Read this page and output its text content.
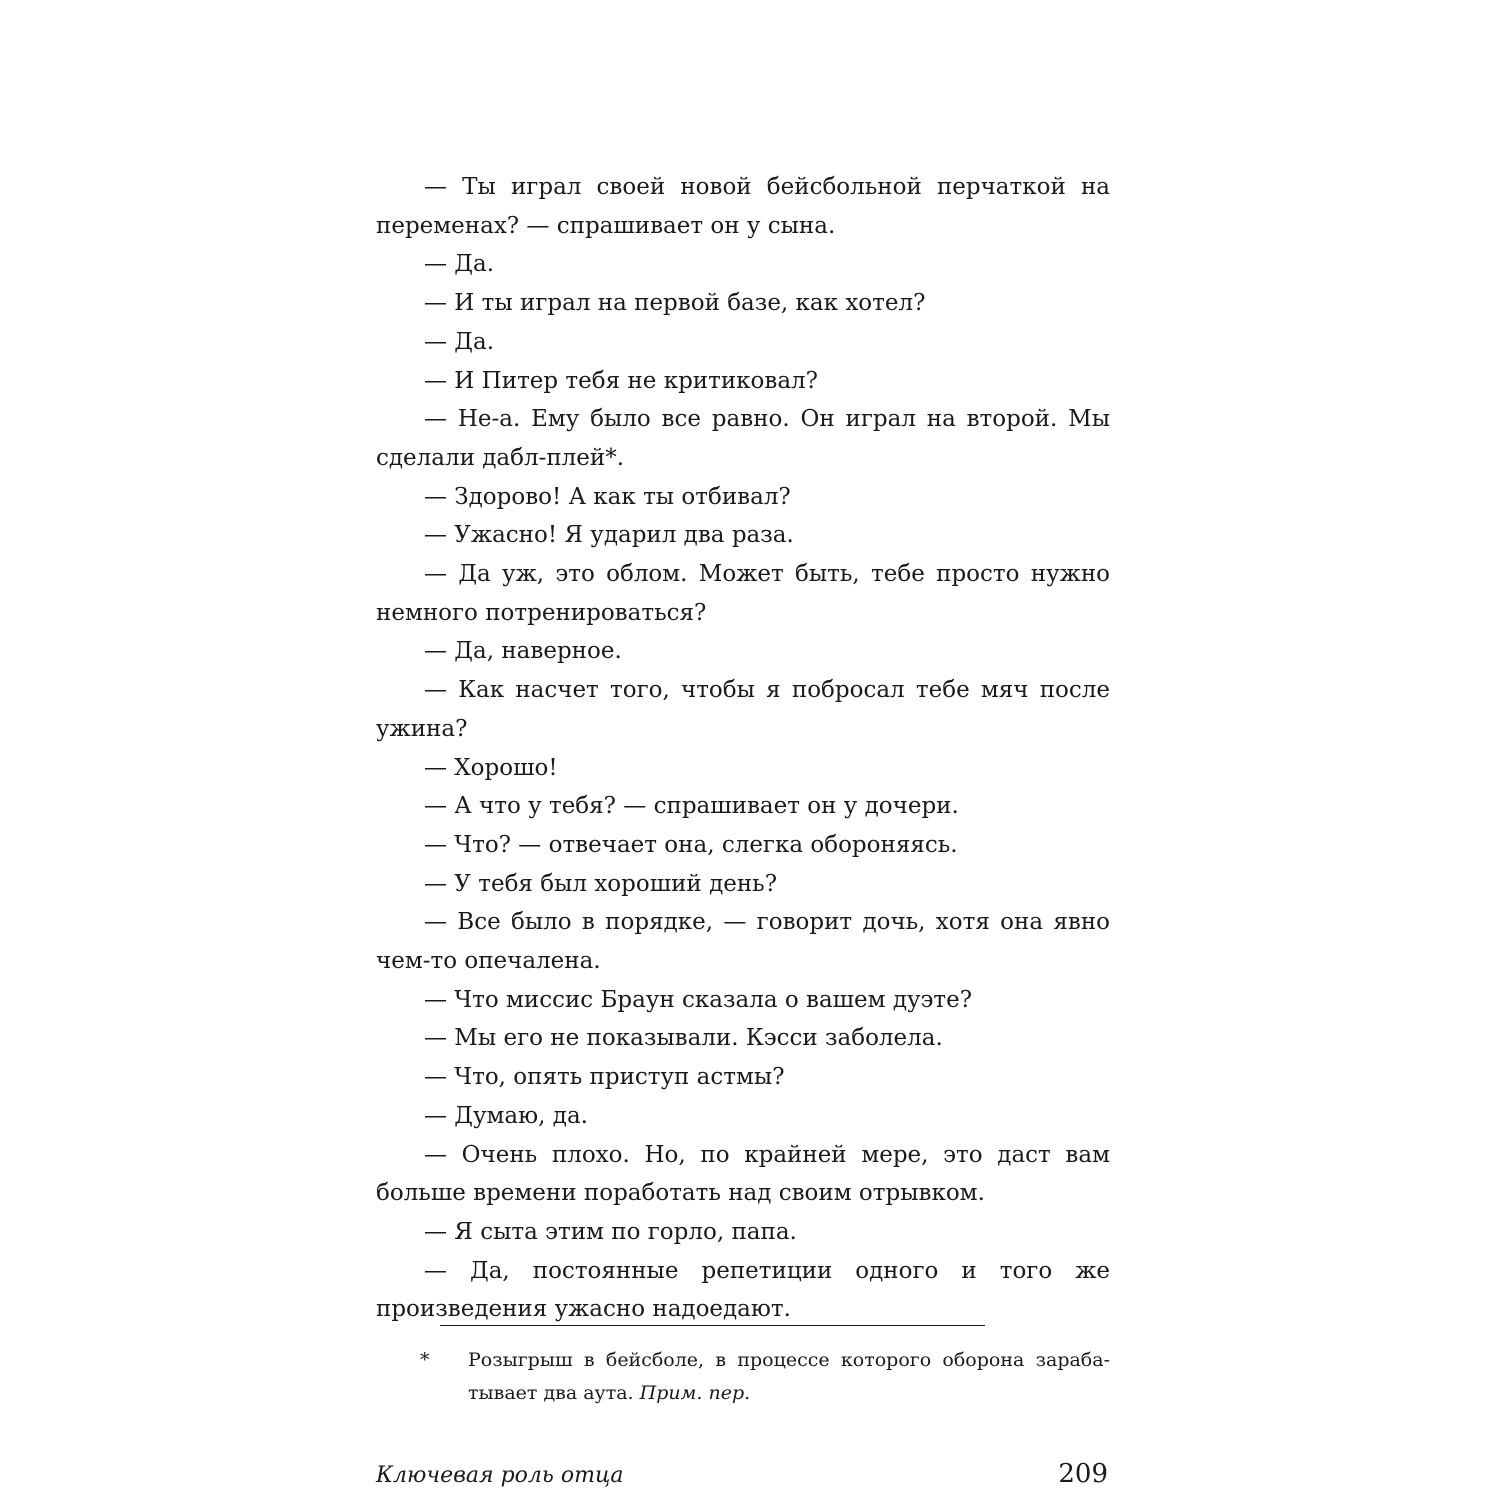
— Ты играл своей новой бейсбольной перчаткой на переменах? — спрашивает он у сына.

— Да.

— И ты играл на первой базе, как хотел?

— Да.

— И Питер тебя не критиковал?

— Не-а. Ему было все равно. Он играл на второй. Мы сделали дабл-плей*.

— Здорово! А как ты отбивал?

— Ужасно! Я ударил два раза.

— Да уж, это облом. Может быть, тебе просто нужно немного потренироваться?

— Да, наверное.

— Как насчет того, чтобы я побросал тебе мяч после ужина?

— Хорошо!

— А что у тебя? — спрашивает он у дочери.

— Что? — отвечает она, слегка обороняясь.

— У тебя был хороший день?

— Все было в порядке, — говорит дочь, хотя она явно чем-то опечалена.

— Что миссис Браун сказала о вашем дуэте?

— Мы его не показывали. Кэсси заболела.

— Что, опять приступ астмы?

— Думаю, да.

— Очень плохо. Но, по крайней мере, это даст вам больше времени поработать над своим отрывком.

— Я сыта этим по горло, папа.

— Да, постоянные репетиции одного и того же произведения ужасно надоедают.

* Розыгрыш в бейсболе, в процессе которого оборона зарабатывает два аута. Прим. пер.
Ключевая роль отца	209
